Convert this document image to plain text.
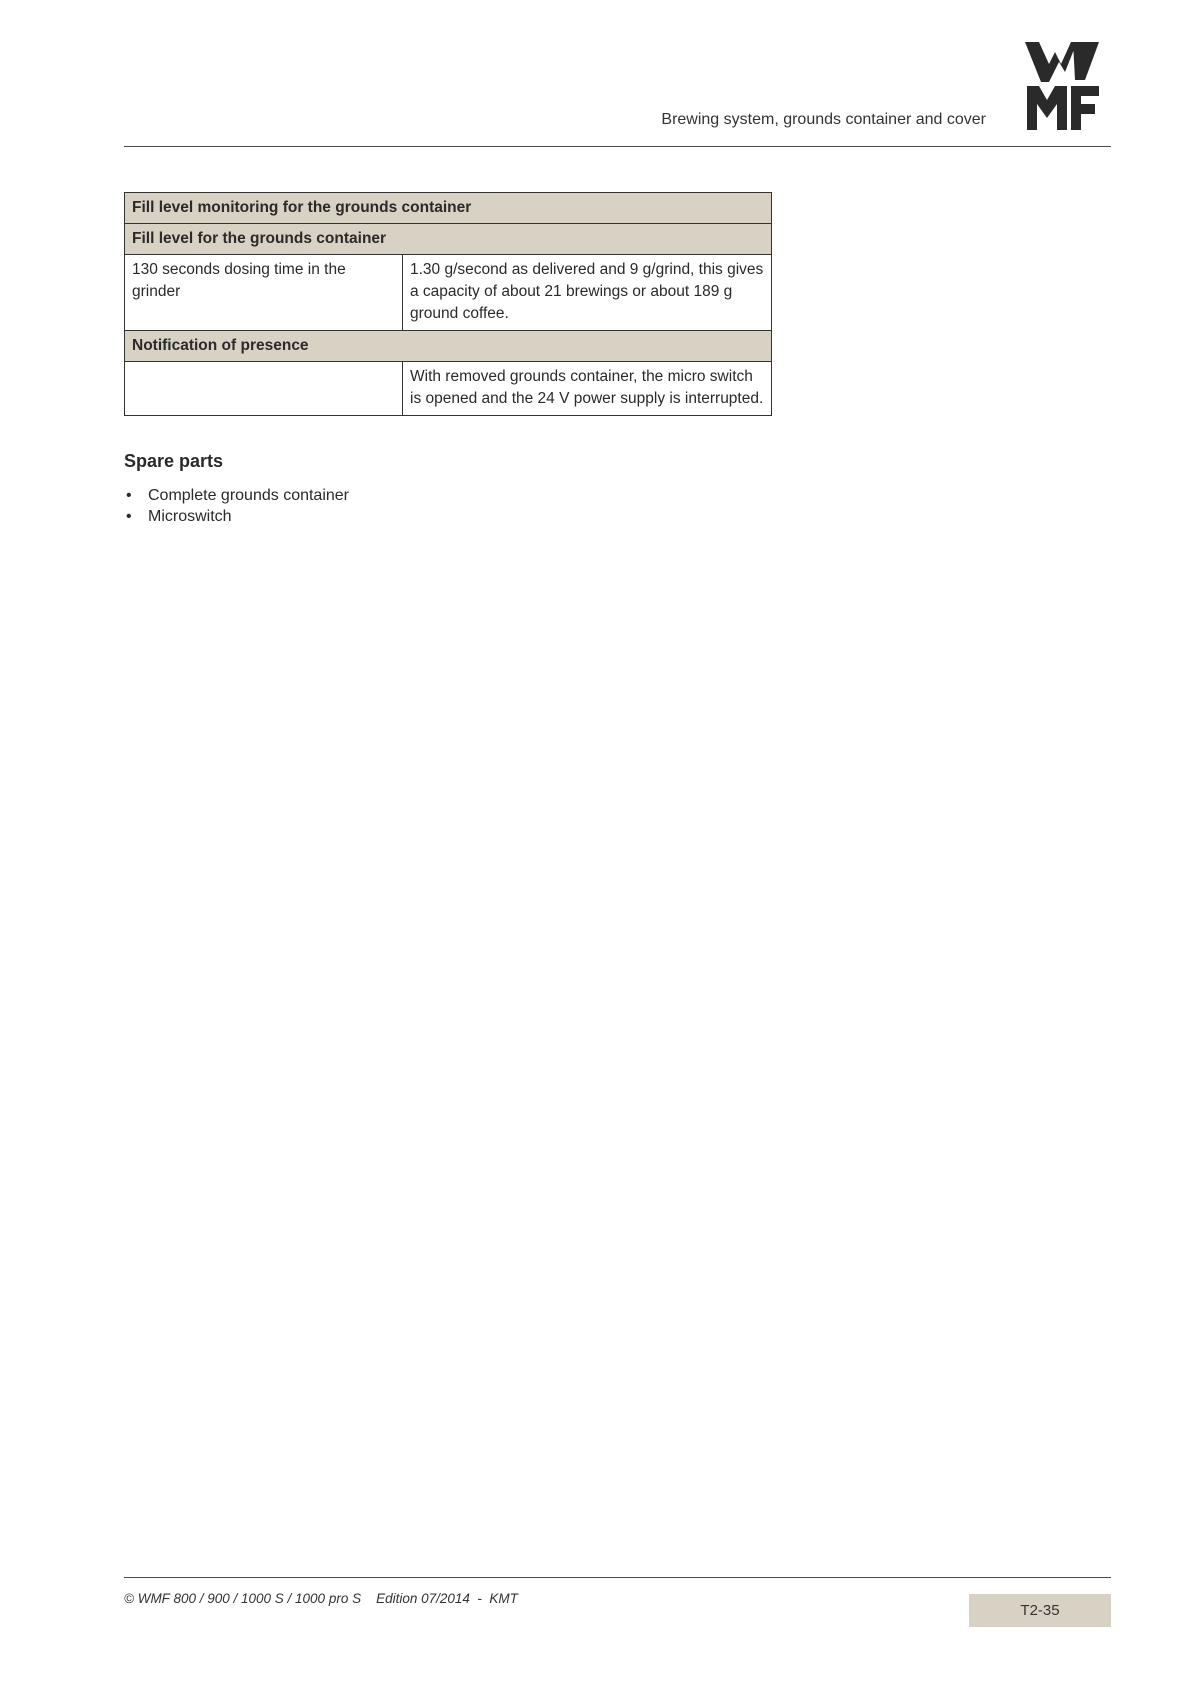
Brewing system, grounds container and cover
Fill level monitoring for the grounds container	
Fill level for the grounds container	
130 seconds dosing time in the grinder	1.30 g/second as delivered and 9 g/grind, this gives a capacity of about 21 brewings or about 189 g ground coffee.
Notification of presence	
	With removed grounds container, the micro switch is opened and the 24 V power supply is interrupted.
Spare parts
• Complete grounds container
• Microswitch
© WMF 800 / 900 / 1000 S / 1000 pro S    Edition 07/2014  -  KMT
T2-35
